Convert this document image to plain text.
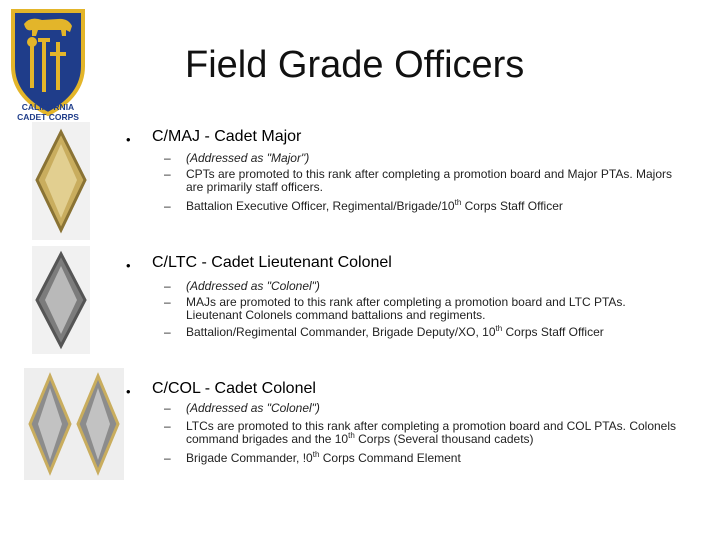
CALIFORNIA
CADET CORPS
Field Grade Officers
• C/MAJ - Cadet Major
– (Addressed as "Major")
– CPTs are promoted to this rank after completing a promotion board and Major PTAs. Majors are primarily staff officers.
– Battalion Executive Officer, Regimental/Brigade/10th Corps Staff Officer
• C/LTC - Cadet Lieutenant Colonel
– (Addressed as "Colonel")
– MAJs are promoted to this rank after completing a promotion board and LTC PTAs. Lieutenant Colonels command battalions and regiments.
– Battalion/Regimental Commander, Brigade Deputy/XO, 10th Corps Staff Officer
• C/COL - Cadet Colonel
– (Addressed as "Colonel")
– LTCs are promoted to this rank after completing a promotion board and COL PTAs. Colonels command brigades and the 10th Corps (Several thousand cadets)
– Brigade Commander, !0th Corps Command Element
